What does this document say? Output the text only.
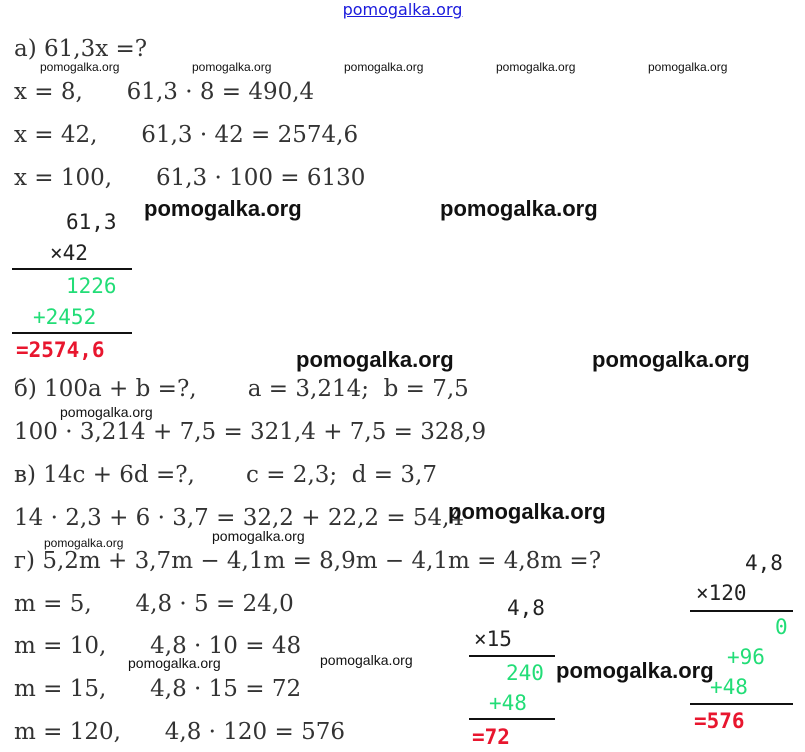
pomogalka.org
а) 61,3x =?
x = 8,      61,3 · 8 = 490,4
x = 42,      61,3 · 42 = 2574,6
x = 100,      61,3 · 100 = 6130
61,3
×42
1226
+2452
=2574,6
б) 100a + b =?,       a = 3,214;  b = 7,5
100 · 3,214 + 7,5 = 321,4 + 7,5 = 328,9
в) 14c + 6d =?,       c = 2,3;  d = 3,7
14 · 2,3 + 6 · 3,7 = 32,2 + 22,2 = 54,4
г) 5,2m + 3,7m − 4,1m = 8,9m − 4,1m = 4,8m =?
m = 5,      4,8 · 5 = 24,0
m = 10,      4,8 · 10 = 48
m = 15,      4,8 · 15 = 72
m = 120,      4,8 · 120 = 576
4,8
×15
240
+48
=72
4,8
×120
0
+96
+48
=576
pomogalka.org	pomogalka.org	pomogalka.org	pomogalka.org	pomogalka.org
pomogalka.org
pomogalka.org	pomogalka.org
pomogalka.org	pomogalka.org
pomogalka.org	pomogalka.org
pomogalka.org	pomogalka.org
pomogalka.org
pomogalka.org
